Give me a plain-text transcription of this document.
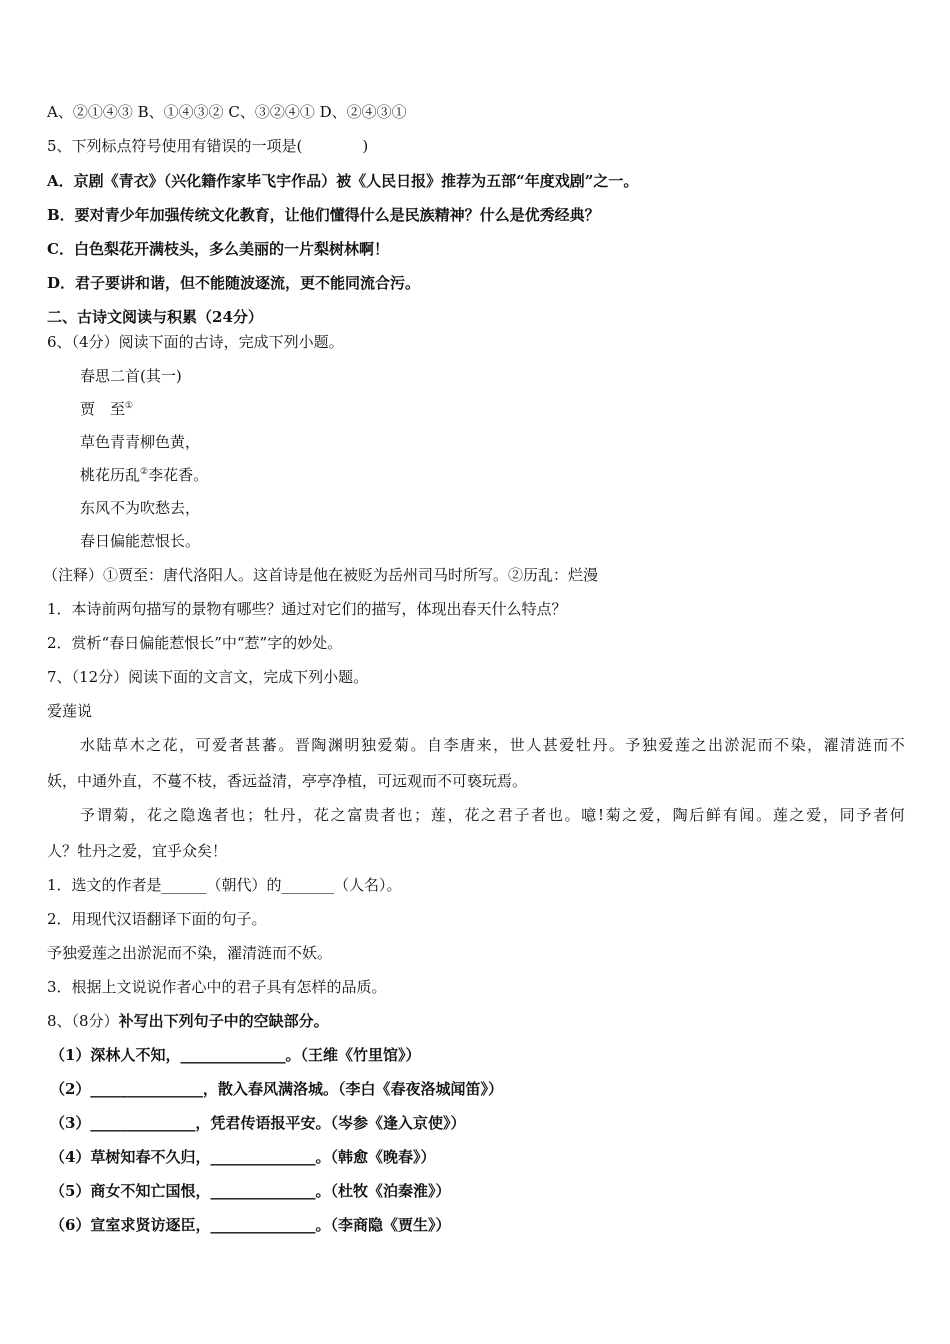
A、②①④③ B、①④③② C、③②④① D、②④③①
5、下列标点符号使用有错误的一项是(　　　　)
A．京剧《青衣》（兴化籍作家毕飞宇作品）被《人民日报》推荐为五部“年度戏剧”之一。
B．要对青少年加强传统文化教育，让他们懂得什么是民族精神？什么是优秀经典？
C．白色梨花开满枝头，多么美丽的一片梨树林啊！
D．君子要讲和谐，但不能随波逐流，更不能同流合污。
二、古诗文阅读与积累（24分）
6、（4分）阅读下面的古诗，完成下列小题。
春思二首(其一)
贾　至①
草色青青柳色黄，
桃花历乱②李花香。
东风不为吹愁去，
春日偏能惹恨长。
（注释）①贾至：唐代洛阳人。这首诗是他在被贬为岳州司马时所写。②历乱：烂漫
1．本诗前两句描写的景物有哪些？通过对它们的描写，体现出春天什么特点？
2．赏析“春日偏能惹恨长”中“惹”字的妙处。
7、（12分）阅读下面的文言文，完成下列小题。
爱莲说
水陆草木之花，可爱者甚蕃。晋陶渊明独爱菊。自李唐来，世人甚爱牡丹。予独爱莲之出淤泥而不染，濯清涟而不
妖，中通外直，不蔓不枝，香远益清，亭亭净植，可远观而不可亵玩焉。
予谓菊，花之隐逸者也；牡丹，花之富贵者也；莲，花之君子者也。噫!菊之爱，陶后鲜有闻。莲之爱，同予者何
人？牡丹之爱，宜乎众矣！
1．选文的作者是______（朝代）的_______（人名）。
2．用现代汉语翻译下面的句子。
予独爱莲之出淤泥而不染，濯清涟而不妖。
3．根据上文说说作者心中的君子具有怎样的品质。
8、（8分）补写出下列句子中的空缺部分。
（1）深林人不知，______________。（王维《竹里馆》）
（2）_______________，散入春风满洛城。（李白《春夜洛城闻笛》）
（3）______________，凭君传语报平安。（岑参《逢入京使》）
（4）草树知春不久归，______________。（韩愈《晚春》）
（5）商女不知亡国恨，______________。（杜牧《泊秦淮》）
（6）宣室求贤访逐臣，______________。（李商隐《贾生》）
